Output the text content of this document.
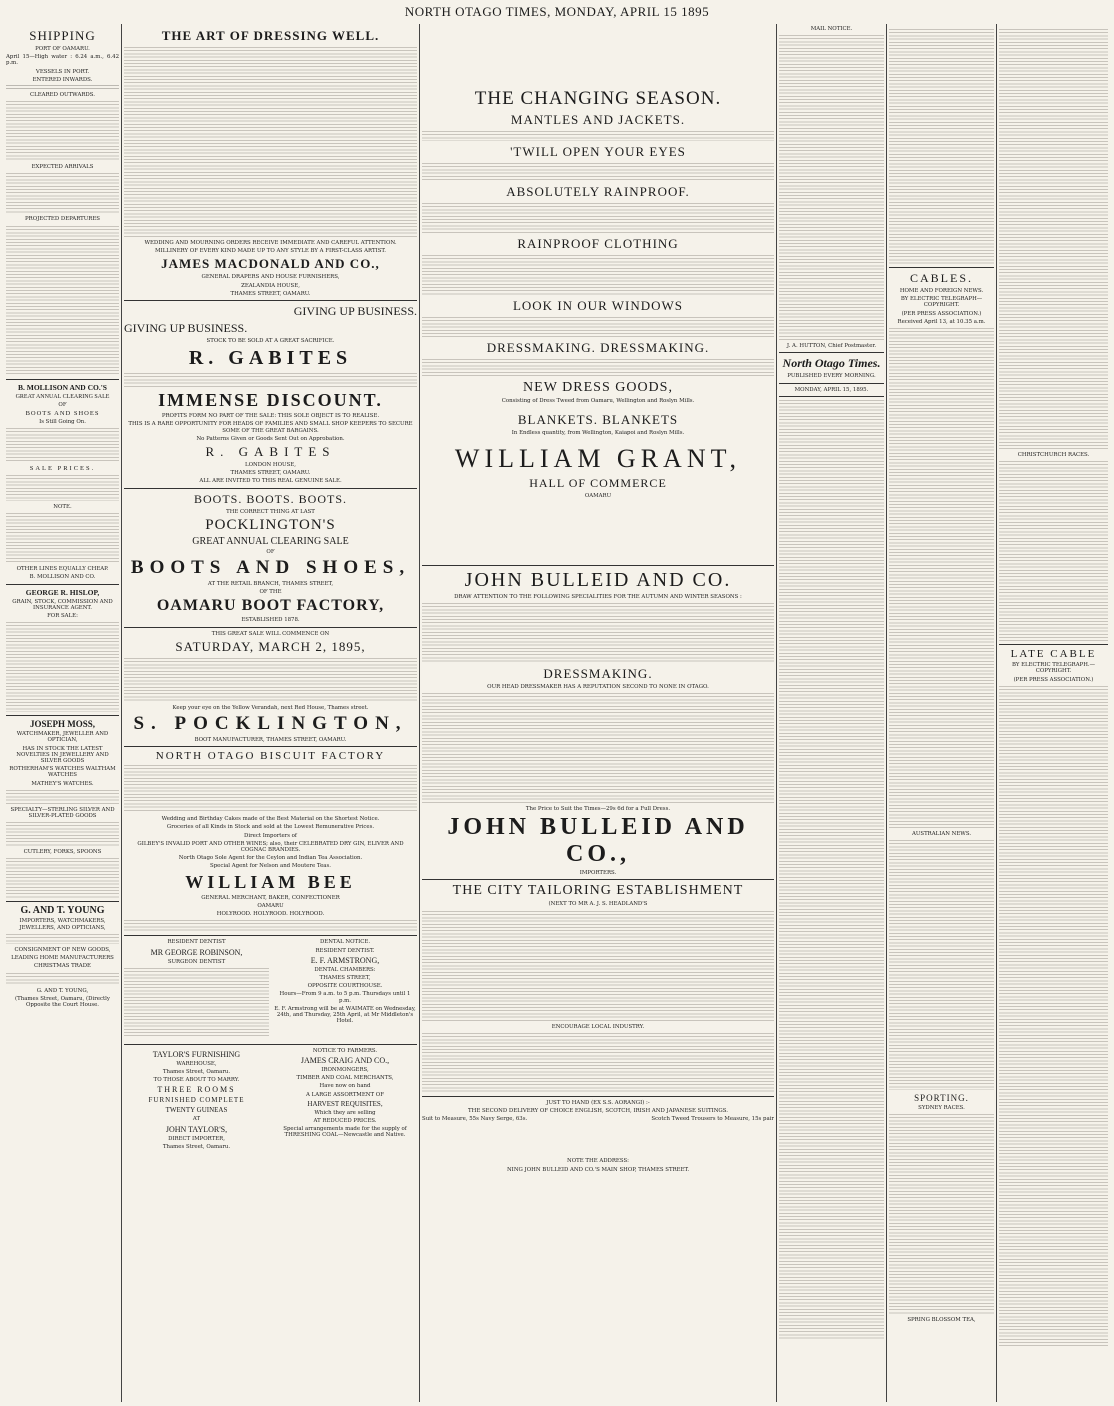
NORTH OTAGO TIMES, MONDAY, APRIL 15 1895
SHIPPING
PORT OF OAMARU.
April 15—High water : 6.24 a.m., 6.42 p.m.
VESSELS IN PORT.
ENTERED INWARDS.
CLEARED OUTWARDS.
EXPECTED ARRIVALS
PROJECTED DEPARTURES
B. MOLLISON AND CO.'S
GREAT ANNUAL CLEARING SALE
OF
BOOTS AND SHOES
Is Still Going On.
SALE PRICES.
NOTE.
OTHER LINES EQUALLY CHEAP.
B. MOLLISON AND CO.
GEORGE R. HISLOP,
GRAIN, STOCK, COMMISSION AND INSURANCE AGENT.
FOR SALE:
JOSEPH MOSS,
WATCHMAKER, JEWELLER AND OPTICIAN,
HAS IN STOCK THE LATEST NOVELTIES IN JEWELLERY AND SILVER GOODS
ROTHERHAM'S WATCHES WALTHAM WATCHES
MATHEY'S WATCHES.
SPECIALTY—STERLING SILVER AND SILVER-PLATED GOODS
CUTLERY, FORKS, SPOONS
G. AND T. YOUNG
IMPORTERS, WATCHMAKERS, JEWELLERS, AND OPTICIANS,
CONSIGNMENT OF NEW GOODS,
LEADING HOME MANUFACTURERS
CHRISTMAS TRADE
G. AND T. YOUNG,
(Thames Street, Oamaru, (Directly Opposite the Court House.
THE ART OF DRESSING WELL.
WEDDING AND MOURNING ORDERS RECEIVE IMMEDIATE AND CAREFUL ATTENTION.
MILLINERY OF EVERY KIND MADE UP TO ANY STYLE BY A FIRST-CLASS ARTIST.
JAMES MACDONALD AND CO.,
GENERAL DRAPERS AND HOUSE FURNISHERS,
ZEALANDIA HOUSE,
THAMES STREET, OAMARU.
GIVING UP BUSINESS.
GIVING UP BUSINESS.
STOCK TO BE SOLD AT A GREAT SACRIFICE.
R. GABITES
IMMENSE DISCOUNT.
PROFITS FORM NO PART OF THE SALE: THIS SOLE OBJECT IS TO REALISE.
THIS IS A RARE OPPORTUNITY FOR HEADS OF FAMILIES AND SMALL SHOP KEEPERS TO SECURE SOME OF THE GREAT BARGAINS.
No Patterns Given or Goods Sent Out on Approbation.
R. GABITES
LONDON HOUSE,
THAMES STREET, OAMARU.
ALL ARE INVITED TO THIS REAL GENUINE SALE.
BOOTS. BOOTS. BOOTS.
THE CORRECT THING AT LAST
POCKLINGTON'S
GREAT ANNUAL CLEARING SALE
OF
BOOTS AND SHOES,
AT THE RETAIL BRANCH, THAMES STREET,
OF THE
OAMARU BOOT FACTORY,
ESTABLISHED 1878.
THIS GREAT SALE WILL COMMENCE ON
SATURDAY, MARCH 2, 1895,
Keep your eye on the Yellow Verandah, next Red House, Thames street.
S. POCKLINGTON,
BOOT MANUFACTURER, THAMES STREET, OAMARU.
NORTH OTAGO BISCUIT FACTORY
Wedding and Birthday Cakes made of the Best Material on the Shortest Notice.
Groceries of all Kinds in Stock and sold at the Lowest Remunerative Prices.
Direct Importers of
GILBEY'S INVALID PORT AND OTHER WINES; also, their CELEBRATED DRY GIN, ELIVER AND COGNAC BRANDIES.
North Otago Sole Agent for the Ceylon and Indian Tea Association.
Special Agent for Nelson and Moutere Teas.
WILLIAM BEE
GENERAL MERCHANT, BAKER, CONFECTIONER
OAMARU
HOLYROOD. HOLYROOD. HOLYROOD.
RESIDENT DENTIST
MR GEORGE ROBINSON,
SURGEON DENTIST
DENTAL NOTICE.
RESIDENT DENTIST.
E. F. ARMSTRONG,
DENTAL CHAMBERS:
THAMES STREET,
OPPOSITE COURTHOUSE.
Hours—From 9 a.m. to 5 p.m. Thursdays until 1 p.m.
E. F. Armstrong will be at WAIMATE on Wednesday, 24th, and Thursday, 25th April, at Mr Middleton's Hotel.
TAYLOR'S FURNISHING
WAREHOUSE,
Thames Street, Oamaru.
TO THOSE ABOUT TO MARRY.
THREE ROOMS
FURNISHED COMPLETE
TWENTY GUINEAS
AT
JOHN TAYLOR'S,
DIRECT IMPORTER,
Thames Street, Oamaru.
NOTICE TO FARMERS.
JAMES CRAIG AND CO.,
IRONMONGERS,
TIMBER AND COAL MERCHANTS,
Have now on hand
A LARGE ASSORTMENT OF
HARVEST REQUISITES,
Which they are selling
AT REDUCED PRICES.
Special arrangements made for the supply of THRESHING COAL—Newcastle and Native.
THE CHANGING SEASON.
MANTLES AND JACKETS.
'TWILL OPEN YOUR EYES
ABSOLUTELY RAINPROOF.
RAINPROOF CLOTHING
LOOK IN OUR WINDOWS
DRESSMAKING. DRESSMAKING.
NEW DRESS GOODS,
Consisting of Dress Tweed from Oamaru, Wellington and Roslyn Mills.
BLANKETS. BLANKETS
In Endless quantity, from Wellington, Kaiapoi and Roslyn Mills.
WILLIAM GRANT,
HALL OF COMMERCE
OAMARU
JOHN BULLEID AND CO.
DRAW ATTENTION TO THE FOLLOWING SPECIALITIES FOR THE AUTUMN AND WINTER SEASONS :
DRESSMAKING.
OUR HEAD DRESSMAKER HAS A REPUTATION SECOND TO NONE IN OTAGO.
The Price to Suit the Times—29s 6d for a Full Dress.
JOHN BULLEID AND CO.,
IMPORTERS.
THE CITY TAILORING ESTABLISHMENT
(NEXT TO MR A. J. S. HEADLAND'S
ENCOURAGE LOCAL INDUSTRY.
JUST TO HAND (EX S.S. AORANGI) :-
THE SECOND DELIVERY OF CHOICE ENGLISH, SCOTCH, IRISH AND JAPANESE SUITINGS.
Suit to Measure, 55s Navy Serge, 63s.	Scotch Tweed Trousers to Measure, 15s pair
NOTE THE ADDRESS:
NING JOHN BULLEID AND CO.'S MAIN SHOP, THAMES STREET.
MAIL NOTICE.
J. A. HUTTON, Chief Postmaster.
North Otago Times.
PUBLISHED EVERY MORNING.
MONDAY, APRIL 15, 1895.
CABLES.
HOME AND FOREIGN NEWS.
BY ELECTRIC TELEGRAPH—COPYRIGHT.
(PER PRESS ASSOCIATION.)
Received April 13, at 10.35 a.m.
AUSTRALIAN NEWS.
SPORTING.
SYDNEY RACES.
SPRING BLOSSOM TEA,
CHRISTCHURCH RACES.
LATE CABLE
BY ELECTRIC TELEGRAPH.—COPYRIGHT.
(PER PRESS ASSOCIATION.)
